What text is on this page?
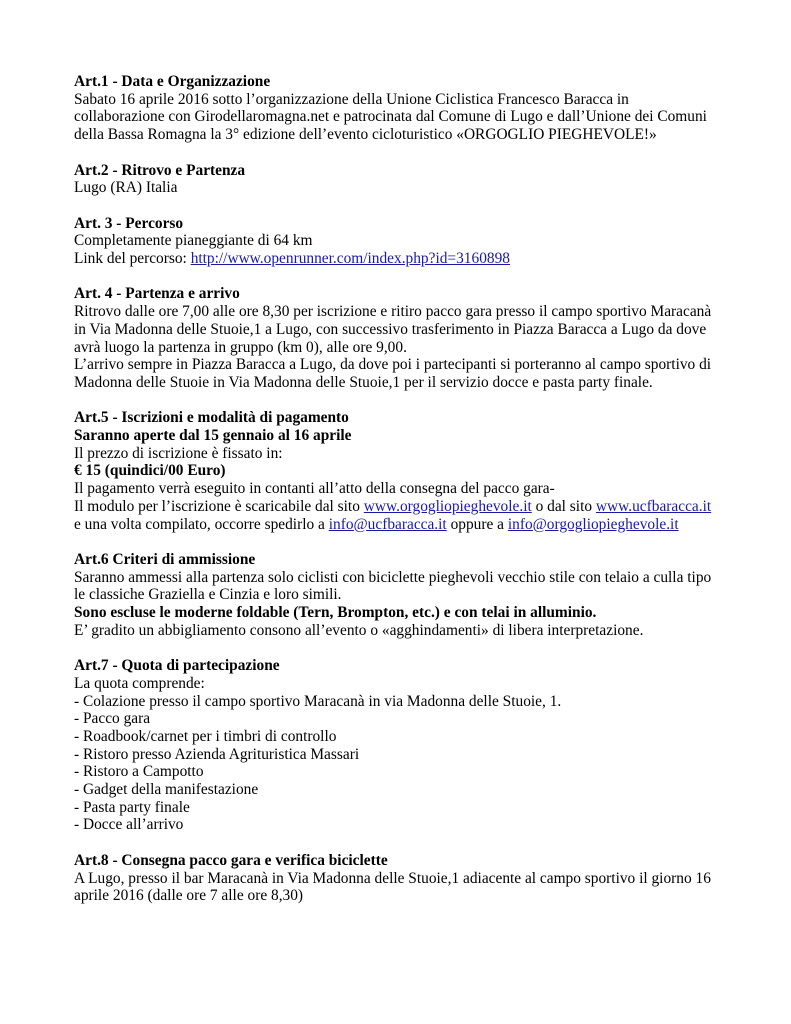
Art.1 - Data e Organizzazione
Sabato 16 aprile 2016 sotto l’organizzazione della Unione Ciclistica Francesco Baracca in
collaborazione con Girodellaromagna.net e patrocinata dal Comune di Lugo e dall’Unione dei Comuni
della Bassa Romagna la 3° edizione dell’evento cicloturistico «ORGOGLIO PIEGHEVOLE!»
Art.2 - Ritrovo e Partenza
Lugo (RA) Italia
Art. 3 - Percorso
Completamente pianeggiante di 64 km
Link del percorso: http://www.openrunner.com/index.php?id=3160898
Art. 4 - Partenza e arrivo
Ritrovo dalle ore 7,00 alle ore 8,30 per iscrizione e ritiro pacco gara presso il campo sportivo Maracanà
in Via Madonna delle Stuoie,1 a Lugo, con successivo trasferimento in Piazza Baracca a Lugo da dove
avrà luogo la partenza in gruppo (km 0), alle ore 9,00.
L’arrivo sempre in Piazza Baracca a Lugo, da dove poi i partecipanti si porteranno al campo sportivo di
Madonna delle Stuoie in Via Madonna delle Stuoie,1 per il servizio docce e pasta party finale.
Art.5 - Iscrizioni e modalità di pagamento
Saranno aperte dal 15 gennaio al 16 aprile
Il prezzo di iscrizione è fissato in:
€ 15 (quindici/00 Euro)
Il pagamento verrà eseguito in contanti all’atto della consegna del pacco gara-
Il modulo per l’iscrizione è scaricabile dal sito www.orgogliopieghevole.it o dal sito www.ucfbaracca.it
e una volta compilato, occorre spedirlo a info@ucfbaracca.it oppure a info@orgogliopieghevole.it
Art.6 Criteri di ammissione
Saranno ammessi alla partenza solo ciclisti con biciclette pieghevoli vecchio stile con telaio a culla tipo
le classiche Graziella e Cinzia e loro simili.
Sono escluse le moderne foldable (Tern, Brompton, etc.) e con telai in alluminio.
E’ gradito un abbigliamento consono all’evento o «agghindamenti» di libera interpretazione.
Art.7 - Quota di partecipazione
La quota comprende:
- Colazione presso il campo sportivo Maracanà in via Madonna delle Stuoie, 1.
- Pacco gara
- Roadbook/carnet per i timbri di controllo
- Ristoro presso Azienda Agrituristica Massari
- Ristoro a Campotto
- Gadget della manifestazione
- Pasta party finale
- Docce all’arrivo
Art.8 - Consegna pacco gara e verifica biciclette
A Lugo, presso il bar Maracanà in Via Madonna delle Stuoie,1 adiacente al campo sportivo il giorno 16
aprile 2016 (dalle ore 7 alle ore 8,30)
